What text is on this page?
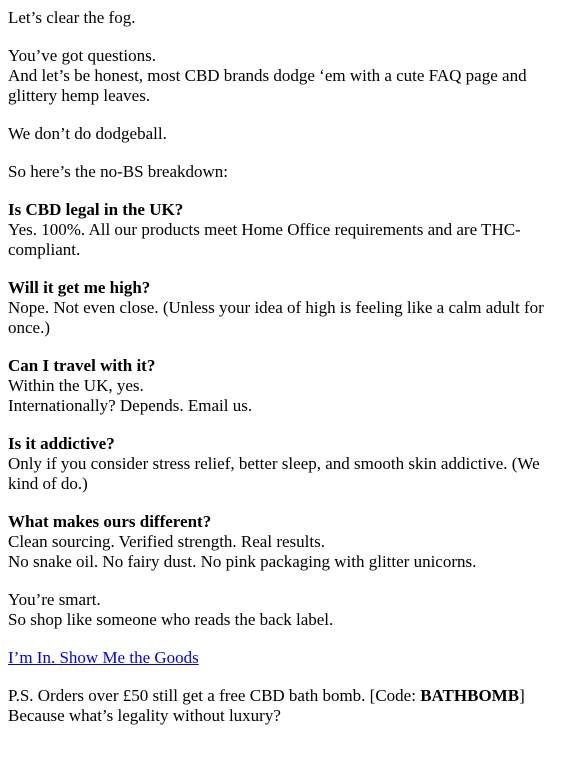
Let’s clear the fog.

You’ve got questions.
And let’s be honest, most CBD brands dodge ‘em with a cute FAQ page and glittery hemp leaves.

We don’t do dodgeball.

So here’s the no-BS breakdown:

Is CBD legal in the UK?
Yes. 100%. All our products meet Home Office requirements and are THC-compliant.

Will it get me high?
Nope. Not even close. (Unless your idea of high is feeling like a calm adult for once.)

Can I travel with it?
Within the UK, yes.
Internationally? Depends. Email us.

Is it addictive?
Only if you consider stress relief, better sleep, and smooth skin addictive. (We kind of do.)

What makes ours different?
Clean sourcing. Verified strength. Real results.
No snake oil. No fairy dust. No pink packaging with glitter unicorns.

You’re smart.
So shop like someone who reads the back label.

I’m In. Show Me the Goods

P.S. Orders over £50 still get a free CBD bath bomb. [Code: BATHBOMB]
Because what’s legality without luxury?
